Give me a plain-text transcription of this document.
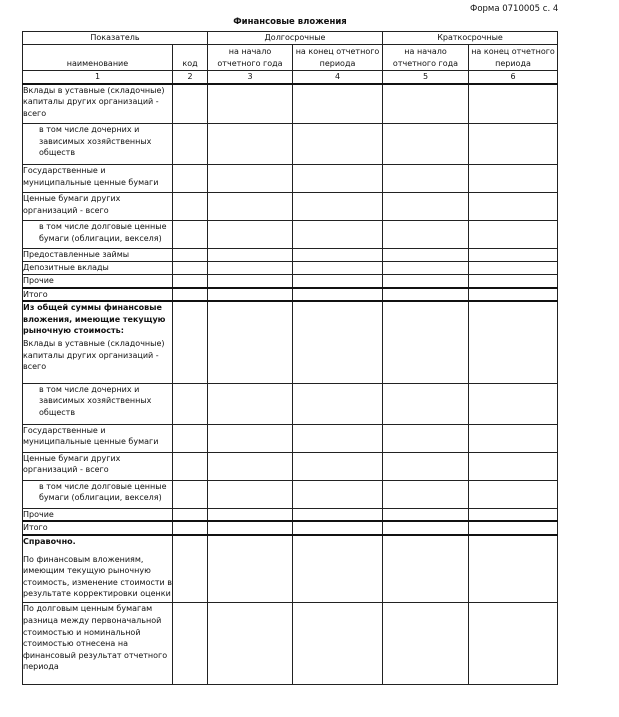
Форма 0710005 с. 4
Финансовые вложения
Показатель		Долгосрочные		Краткосрочные	
наименование	код	на начало отчетного года	на конец отчетного периода	на начало отчетного года	на конец отчетного периода
1	2	3	4	5	6
Вклады в уставные (складочные) капиталы других организаций - всего					
в том числе дочерних и зависимых хозяйственных обществ					
Государственные и муниципальные ценные бумаги					
Ценные бумаги других организаций - всего					
в том числе долговые ценные бумаги (облигации, векселя)					
Предоставленные займы					
Депозитные вклады					
Прочие					
Итого					

Из общей суммы финансовые вложения, имеющие текущую рыночную стоимость:
Вклады в уставные (складочные) капиталы других организаций - всего					
в том числе дочерних и зависимых хозяйственных обществ					
Государственные и муниципальные ценные бумаги					
Ценные бумаги других организаций - всего					
в том числе долговые ценные бумаги (облигации, векселя)					
Прочие					
Итого					

Справочно.
По финансовым вложениям, имеющим текущую рыночную стоимость, изменение стоимости в результате корректировки оценки					
По долговым ценным бумагам разница между первоначальной стоимостью и номинальной стоимостью отнесена на финансовый результат отчетного периода					
